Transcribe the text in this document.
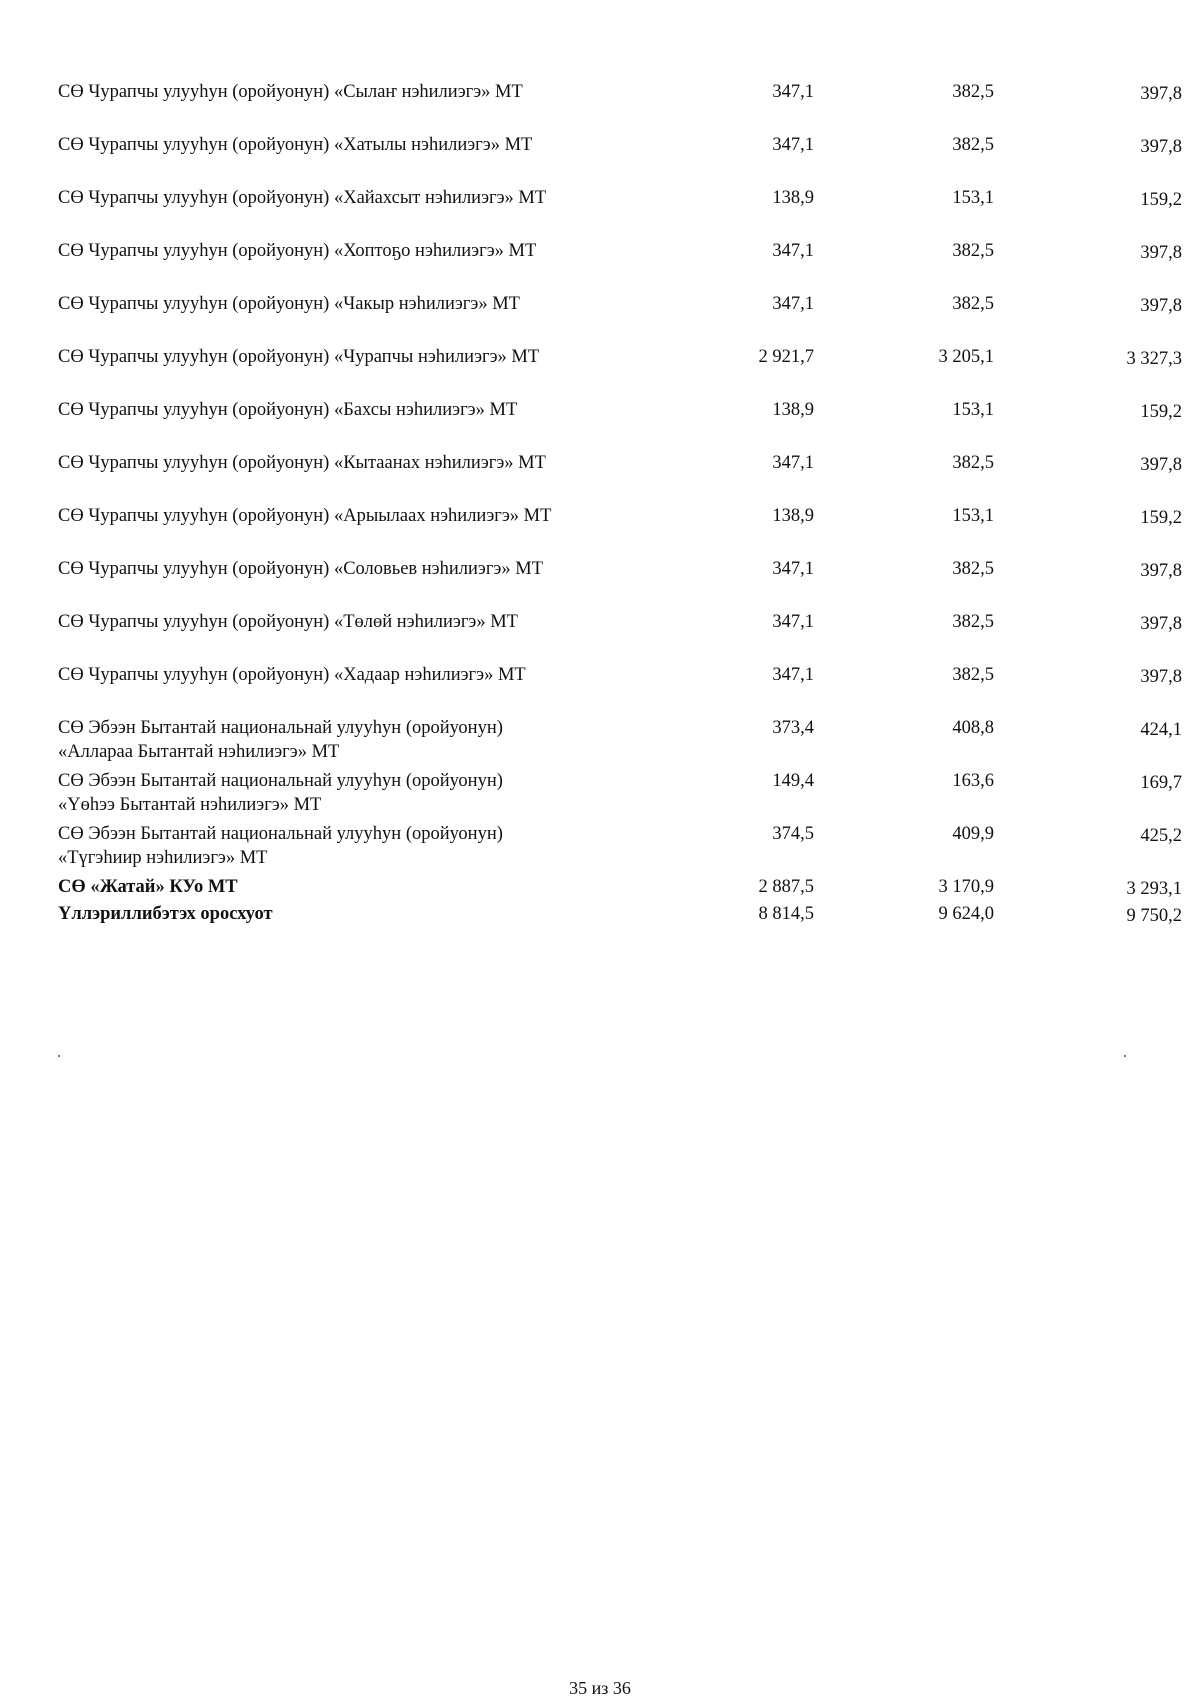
СӨ Чурапчы улууһун (оройуонун) «Сылаҥ нэһилиэгэ» МТ	347,1	382,5	397,8
СӨ Чурапчы улууһун (оройуонун) «Хатылы нэһилиэгэ» МТ	347,1	382,5	397,8
СӨ Чурапчы улууһун (оройуонун) «Хайахсыт нэһилиэгэ» МТ	138,9	153,1	159,2
СӨ Чурапчы улууһун (оройуонун) «Хоптоҕо нэһилиэгэ» МТ	347,1	382,5	397,8
СӨ Чурапчы улууһун (оройуонун) «Чакыр нэһилиэгэ» МТ	347,1	382,5	397,8
СӨ Чурапчы улууһун (оройуонун) «Чурапчы нэһилиэгэ» МТ	2 921,7	3 205,1	3 327,3
СӨ Чурапчы улууһун (оройуонун) «Бахсы нэһилиэгэ» МТ	138,9	153,1	159,2
СӨ Чурапчы улууһун (оройуонун) «Кытаанах нэһилиэгэ» МТ	347,1	382,5	397,8
СӨ Чурапчы улууһун (оройуонун) «Арыылаах нэһилиэгэ» МТ	138,9	153,1	159,2
СӨ Чурапчы улууһун (оройуонун) «Соловьев нэһилиэгэ» МТ	347,1	382,5	397,8
СӨ Чурапчы улууһун (оройуонун) «Төлөй нэһилиэгэ» МТ	347,1	382,5	397,8
СӨ Чурапчы улууһун (оройуонун) «Хадаар нэһилиэгэ» МТ	347,1	382,5	397,8
СӨ Эбээн Бытантай национальнай улууһун (оройуонун)
«Аллараа Бытантай нэһилиэгэ» МТ
373,4	408,8	424,1
СӨ Эбээн Бытантай национальнай улууһун (оройуонун)
«Үөһээ Бытантай нэһилиэгэ» МТ
149,4	163,6	169,7
СӨ Эбээн Бытантай национальнай улууһун (оройуонун)
«Түгэһиир нэһилиэгэ» МТ
374,5	409,9	425,2
СӨ «Жатай» КУо МТ	2 887,5	3 170,9	3 293,1
Үллэриллибэтэх оросхуот	8 814,5	9 624,0	9 750,2
35 из 36
